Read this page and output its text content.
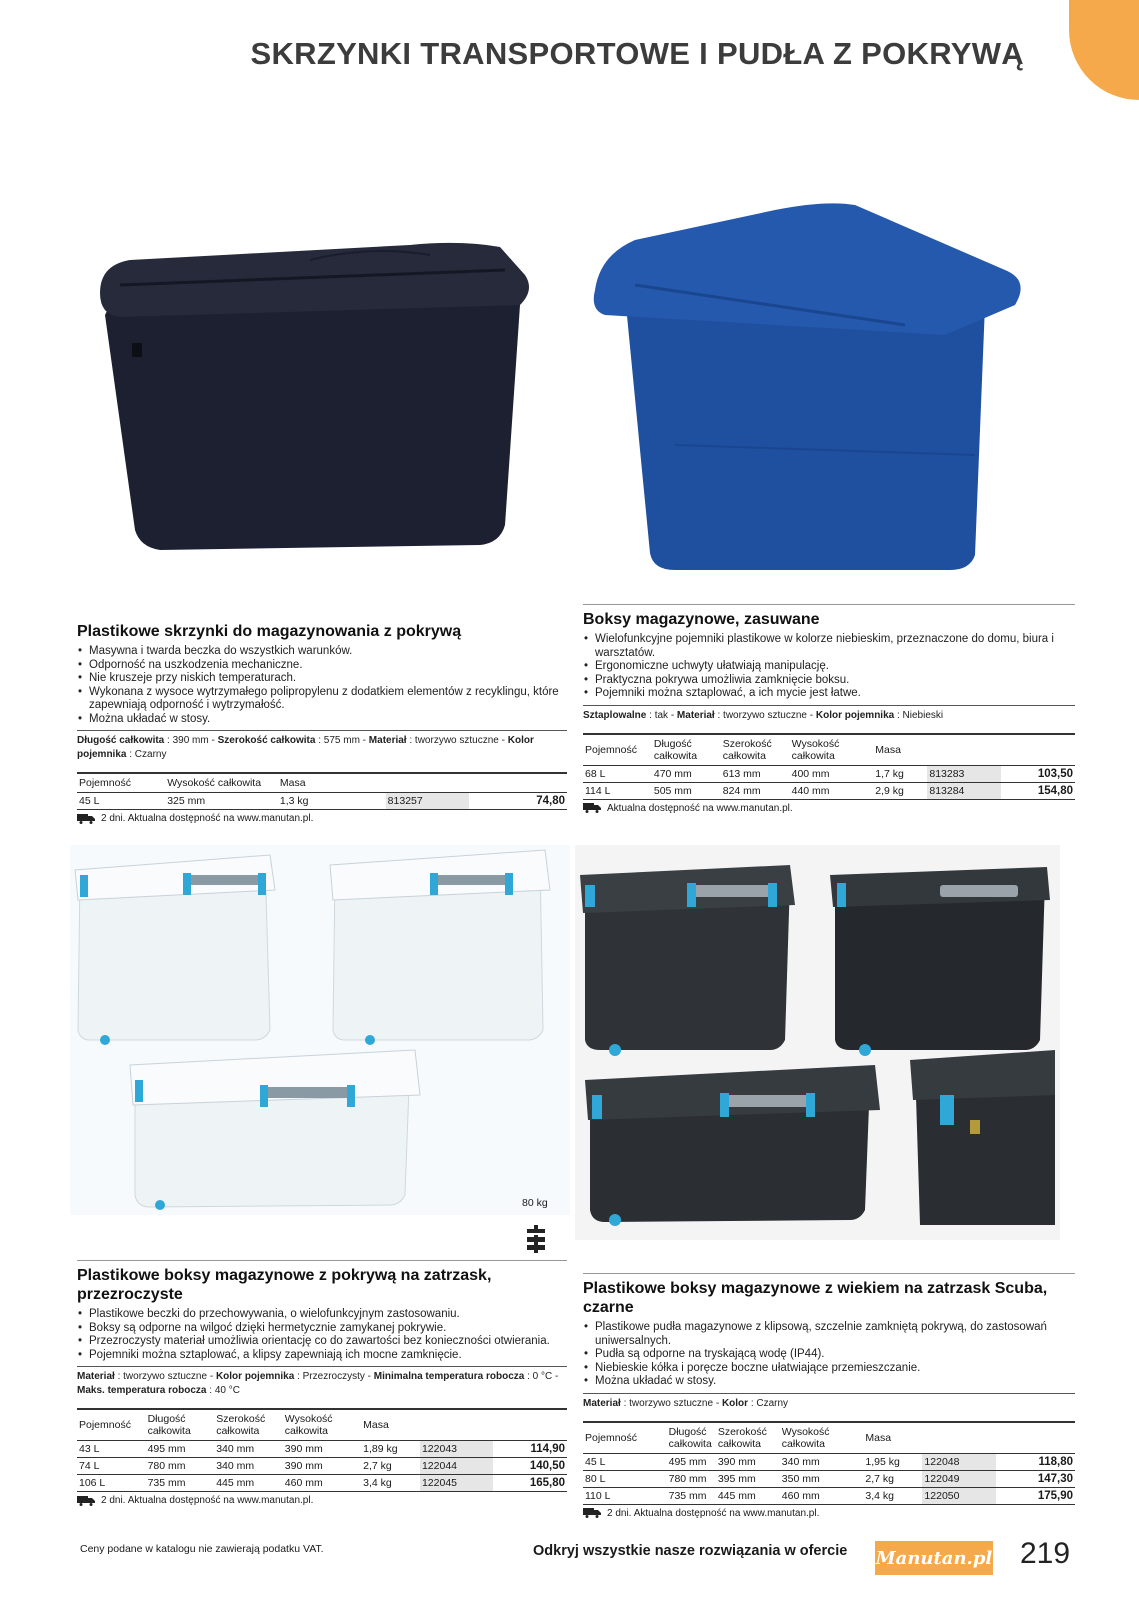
SKRZYNKI TRANSPORTOWE I PUDŁA Z POKRYWĄ
Plastikowe skrzynki do magazynowania z pokrywą
• Masywna i twarda beczka do wszystkich warunków.
• Odporność na uszkodzenia mechaniczne.
• Nie kruszeje przy niskich temperaturach.
• Wykonana z wysoce wytrzymałego polipropylenu z dodatkiem elementów z recyklingu, które zapewniają odporność i wytrzymałość.
• Można układać w stosy.
Długość całkowita : 390 mm - Szerokość całkowita : 575 mm - Materiał : tworzywo sztuczne - Kolor pojemnika : Czarny
Pojemność	Wysokość całkowita	Masa		
45 L	325 mm	1,3 kg	813257	74,80
2 dni. Aktualna dostępność na www.manutan.pl.
Boksy magazynowe, zasuwane
• Wielofunkcyjne pojemniki plastikowe w kolorze niebieskim, przeznaczone do domu, biura i warsztatów.
• Ergonomiczne uchwyty ułatwiają manipulację.
• Praktyczna pokrywa umożliwia zamknięcie boksu.
• Pojemniki można sztaplować, a ich mycie jest łatwe.
Sztaplowalne : tak - Materiał : tworzywo sztuczne - Kolor pojemnika : Niebieski
Pojemność	Długość całkowita	Szerokość całkowita	Wysokość całkowita	Masa		
68 L	470 mm	613 mm	400 mm	1,7 kg	813283	103,50
114 L	505 mm	824 mm	440 mm	2,9 kg	813284	154,80
Aktualna dostępność na www.manutan.pl.
80 kg
Plastikowe boksy magazynowe z pokrywą na zatrzask, przezroczyste
• Plastikowe beczki do przechowywania, o wielofunkcyjnym zastosowaniu.
• Boksy są odporne na wilgoć dzięki hermetycznie zamykanej pokrywie.
• Przezroczysty materiał umożliwia orientację co do zawartości bez konieczności otwierania.
• Pojemniki można sztaplować, a klipsy zapewniają ich mocne zamknięcie.
Materiał : tworzywo sztuczne - Kolor pojemnika : Przezroczysty - Minimalna temperatura robocza : 0 °C - Maks. temperatura robocza : 40 °C
Pojemność	Długość całkowita	Szerokość całkowita	Wysokość całkowita	Masa		
43 L	495 mm	340 mm	390 mm	1,89 kg	122043	114,90
74 L	780 mm	340 mm	390 mm	2,7 kg	122044	140,50
106 L	735 mm	445 mm	460 mm	3,4 kg	122045	165,80
2 dni. Aktualna dostępność na www.manutan.pl.
Plastikowe boksy magazynowe z wiekiem na zatrzask Scuba, czarne
• Plastikowe pudła magazynowe z klipsową, szczelnie zamkniętą pokrywą, do zastosowań uniwersalnych.
• Pudła są odporne na tryskającą wodę (IP44).
• Niebieskie kółka i poręcze boczne ułatwiające przemieszczanie.
• Można układać w stosy.
Materiał : tworzywo sztuczne - Kolor : Czarny
Pojemność	Długość całkowita	Szerokość całkowita	Wysokość całkowita	Masa		
45 L	495 mm	390 mm	340 mm	1,95 kg	122048	118,80
80 L	780 mm	395 mm	350 mm	2,7 kg	122049	147,30
110 L	735 mm	445 mm	460 mm	3,4 kg	122050	175,90
2 dni. Aktualna dostępność na www.manutan.pl.
Ceny podane w katalogu nie zawierają podatku VAT.	Odkryj wszystkie nasze rozwiązania w ofercie Manutan.pl 219
